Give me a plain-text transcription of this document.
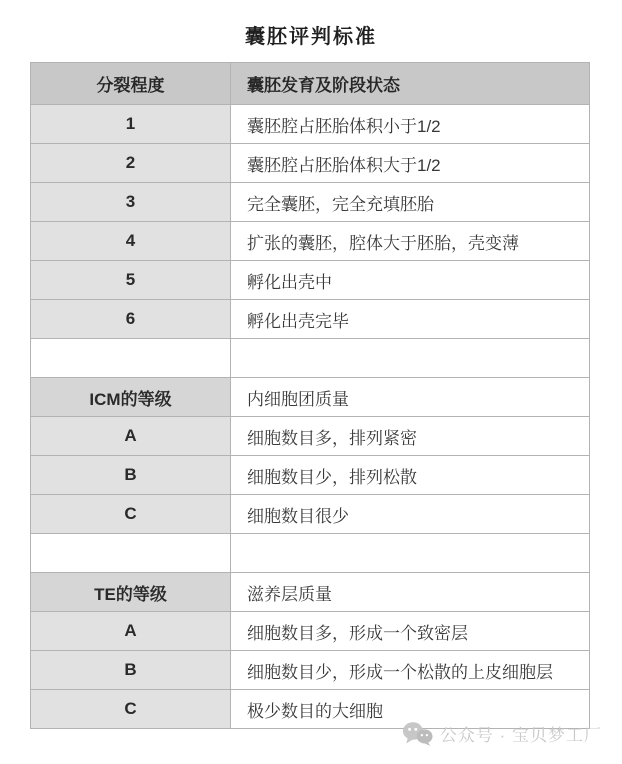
囊胚评判标准
分裂程度	囊胚发育及阶段状态
1	囊胚腔占胚胎体积小于1/2
2	囊胚腔占胚胎体积大于1/2
3	完全囊胚，完全充填胚胎
4	扩张的囊胚，腔体大于胚胎，壳变薄
5	孵化出壳中
6	孵化出壳完毕

ICM的等级	内细胞团质量
A	细胞数目多，排列紧密
B	细胞数目少，排列松散
C	细胞数目很少

TE的等级	滋养层质量
A	细胞数目多，形成一个致密层
B	细胞数目少，形成一个松散的上皮细胞层
C	极少数目的大细胞
公众号 · 宝贝梦工厂
